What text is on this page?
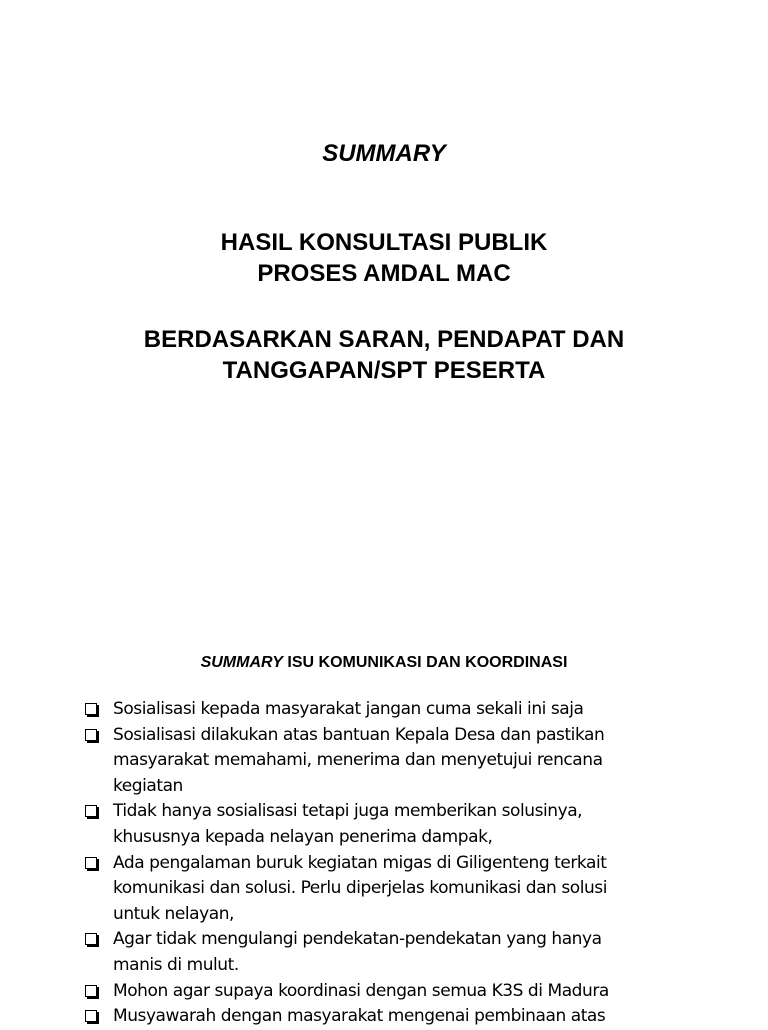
SUMMARY
HASIL KONSULTASI PUBLIK
PROSES AMDAL MAC
BERDASARKAN SARAN, PENDAPAT DAN
TANGGAPAN/SPT PESERTA
SUMMARY ISU KOMUNIKASI DAN KOORDINASI
Sosialisasi kepada masyarakat jangan cuma sekali ini saja
Sosialisasi dilakukan atas bantuan Kepala Desa dan pastikan
masyarakat memahami, menerima dan menyetujui rencana
kegiatan
Tidak hanya sosialisasi tetapi juga memberikan solusinya,
khususnya kepada nelayan penerima dampak,
Ada pengalaman buruk kegiatan migas di Giligenteng terkait
komunikasi dan solusi. Perlu diperjelas komunikasi dan solusi
untuk nelayan,
Agar tidak mengulangi pendekatan-pendekatan yang hanya
manis di mulut.
Mohon agar supaya koordinasi dengan semua K3S di Madura
Musyawarah dengan masyarakat mengenai pembinaan atas
